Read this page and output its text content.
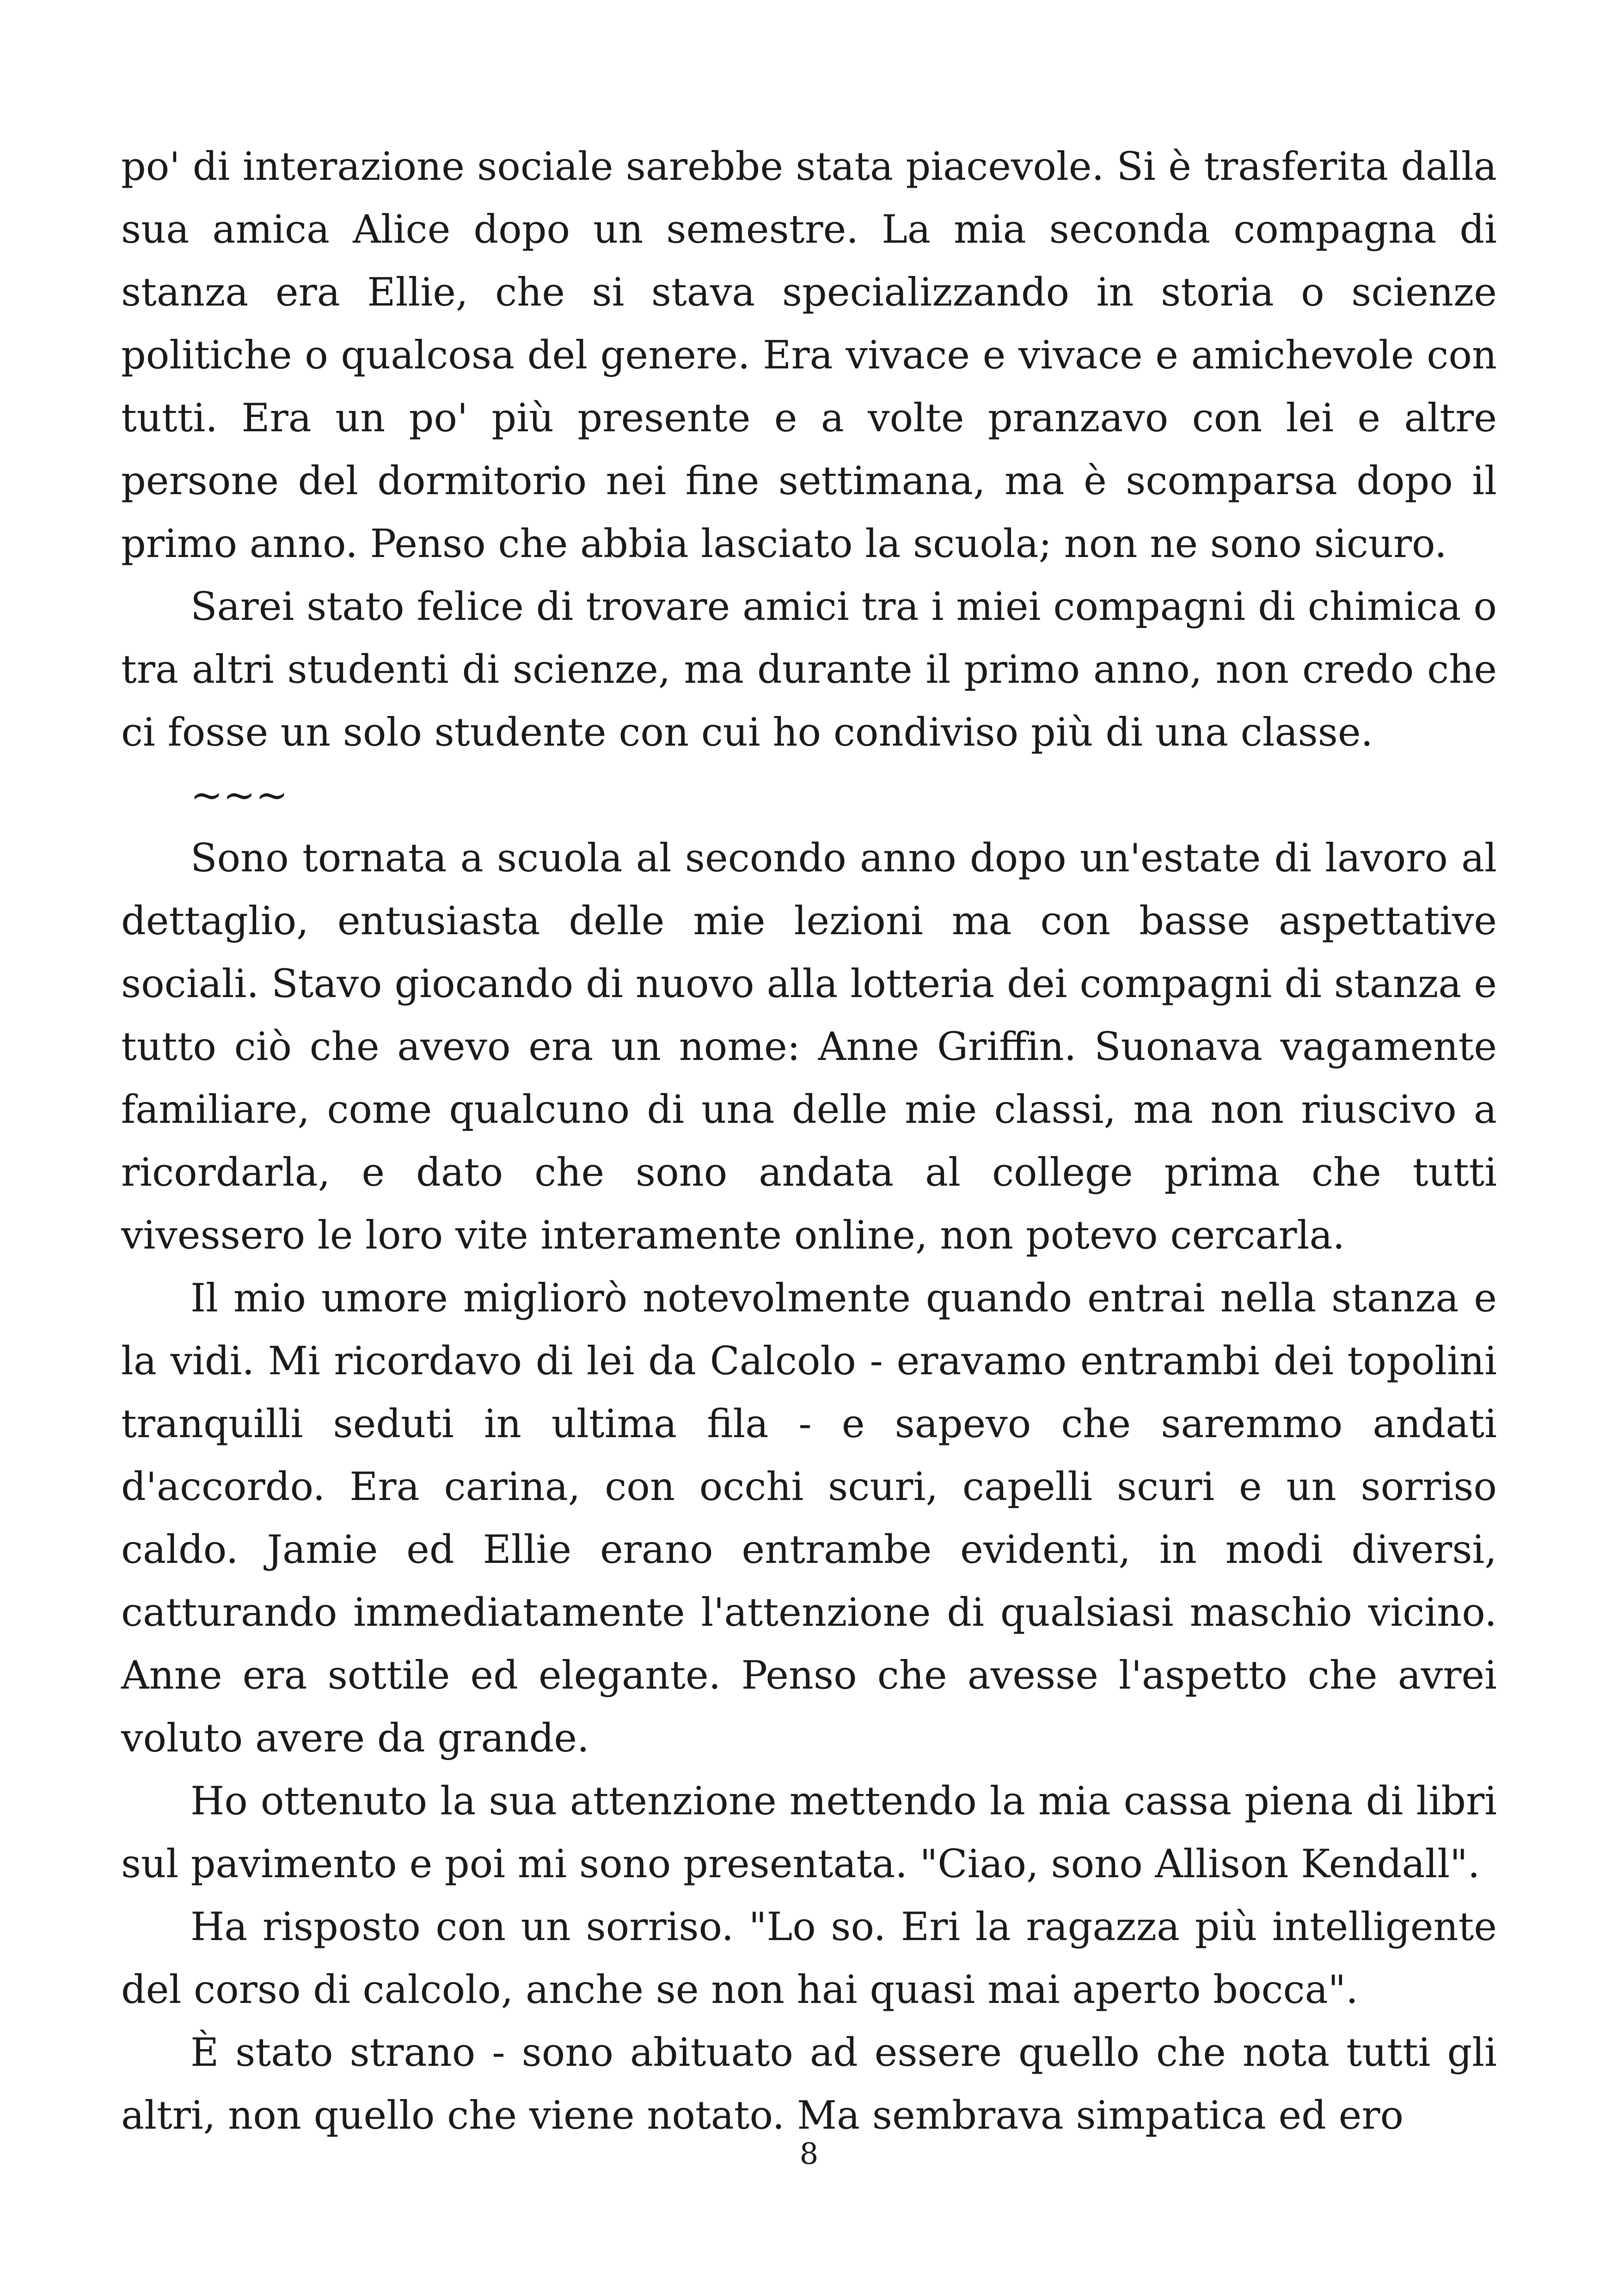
po' di interazione sociale sarebbe stata piacevole. Si è trasferita dalla sua amica Alice dopo un semestre. La mia seconda compagna di stanza era Ellie, che si stava specializzando in storia o scienze politiche o qualcosa del genere. Era vivace e vivace e amichevole con tutti. Era un po' più presente e a volte pranzavo con lei e altre persone del dormitorio nei fine settimana, ma è scomparsa dopo il primo anno. Penso che abbia lasciato la scuola; non ne sono sicuro.

Sarei stato felice di trovare amici tra i miei compagni di chimica o tra altri studenti di scienze, ma durante il primo anno, non credo che ci fosse un solo studente con cui ho condiviso più di una classe.

~~~

Sono tornata a scuola al secondo anno dopo un'estate di lavoro al dettaglio, entusiasta delle mie lezioni ma con basse aspettative sociali. Stavo giocando di nuovo alla lotteria dei compagni di stanza e tutto ciò che avevo era un nome: Anne Griffin. Suonava vagamente familiare, come qualcuno di una delle mie classi, ma non riuscivo a ricordarla, e dato che sono andata al college prima che tutti vivessero le loro vite interamente online, non potevo cercarla.

Il mio umore migliorò notevolmente quando entrai nella stanza e la vidi. Mi ricordavo di lei da Calcolo - eravamo entrambi dei topolini tranquilli seduti in ultima fila - e sapevo che saremmo andati d'accordo. Era carina, con occhi scuri, capelli scuri e un sorriso caldo. Jamie ed Ellie erano entrambe evidenti, in modi diversi, catturando immediatamente l'attenzione di qualsiasi maschio vicino. Anne era sottile ed elegante. Penso che avesse l'aspetto che avrei voluto avere da grande.

Ho ottenuto la sua attenzione mettendo la mia cassa piena di libri sul pavimento e poi mi sono presentata. "Ciao, sono Allison Kendall".

Ha risposto con un sorriso. "Lo so. Eri la ragazza più intelligente del corso di calcolo, anche se non hai quasi mai aperto bocca".

È stato strano - sono abituato ad essere quello che nota tutti gli altri, non quello che viene notato. Ma sembrava simpatica ed ero

8
